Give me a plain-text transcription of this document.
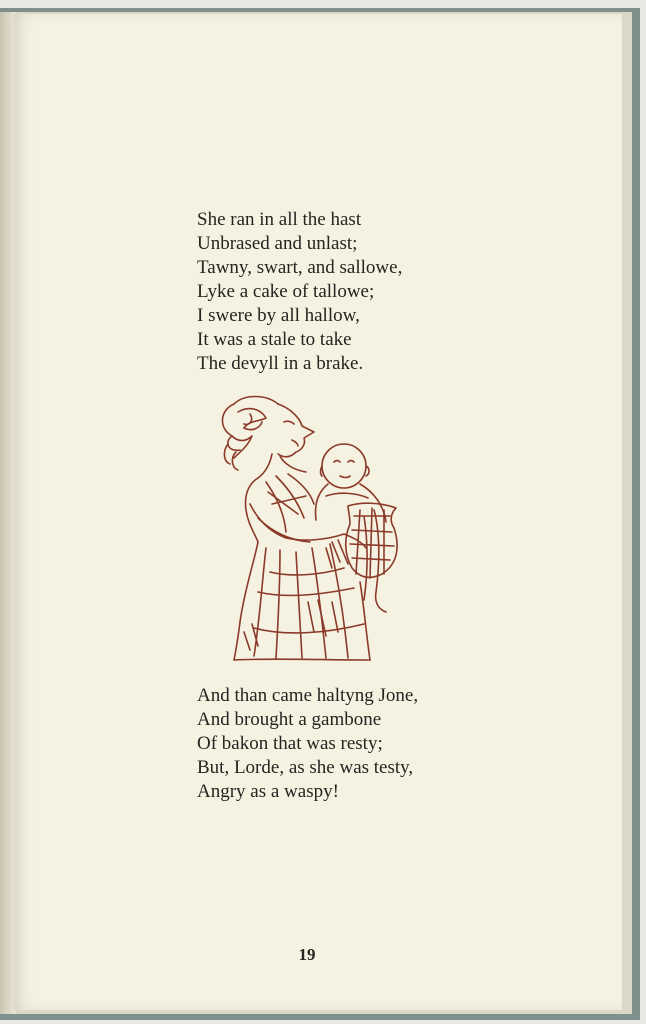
She ran in all the hast
Unbrased and unlast;
Tawny, swart, and sallowe,
Lyke a cake of tallowe;
I swere by all hallow,
It was a stale to take
The devyll in a brake.
And than came haltyng Jone,
And brought a gambone
Of bakon that was resty;
But, Lorde, as she was testy,
Angry as a waspy!
19
